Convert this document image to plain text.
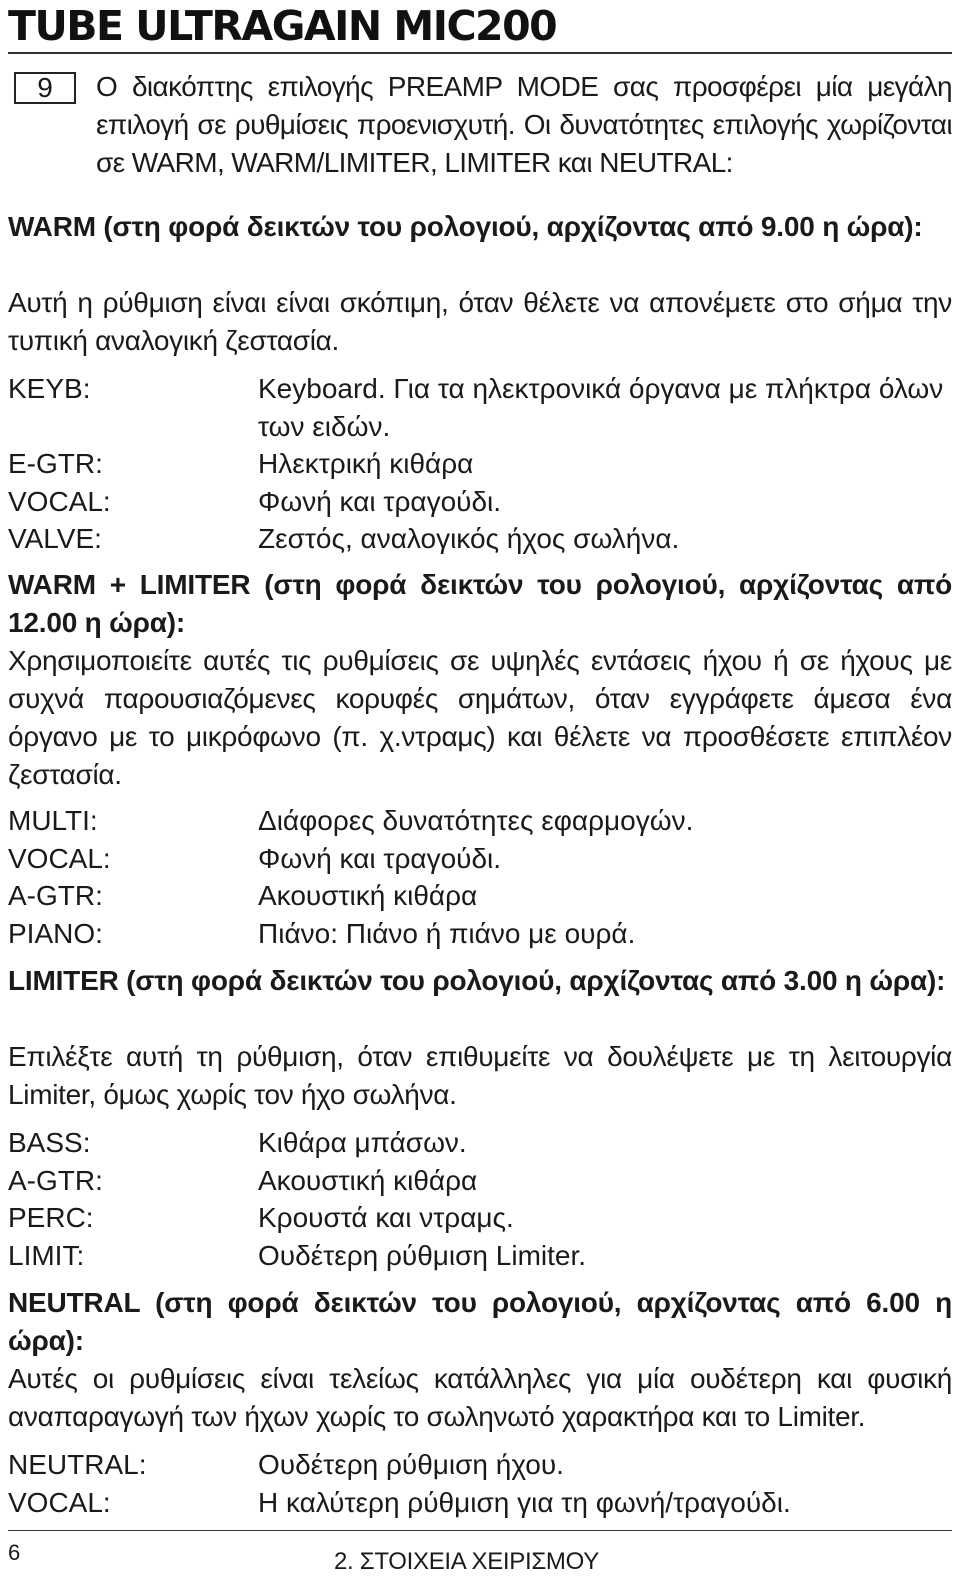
TUBE ULTRAGAIN MIC200
9	Ο διακόπτης επιλογής PREAMP MODE σας προσφέρει μία μεγάλη επιλογή σε ρυθμίσεις προενισχυτή. Οι δυνατότητες επιλογής χωρίζονται σε WARM, WARM/LIMITER, LIMITER και NEUTRAL:
WARM (στη φορά δεικτών του ρολογιού, αρχίζοντας από 9.00 η ώρα):
Αυτή η ρύθμιση είναι είναι σκόπιμη, όταν θέλετε να απονέμετε στο σήμα την τυπική αναλογική ζεστασία.
KEYB:	Keyboard. Για τα ηλεκτρονικά όργανα με πλήκτρα όλων των ειδών.
E-GTR:	Ηλεκτρική κιθάρα
VOCAL:	Φωνή και τραγούδι.
VALVE:	Ζεστός, αναλογικός ήχος σωλήνα.
WARM + LIMITER (στη φορά δεικτών του ρολογιού, αρχίζοντας από 12.00 η ώρα):
Χρησιμοποιείτε αυτές τις ρυθμίσεις σε υψηλές εντάσεις ήχου ή σε ήχους με συχνά παρουσιαζόμενες κορυφές σημάτων, όταν εγγράφετε άμεσα ένα όργανο με το μικρόφωνο (π. χ.ντραμς) και θέλετε να προσθέσετε επιπλέον ζεστασία.
MULTI:	Διάφορες δυνατότητες εφαρμογών.
VOCAL:	Φωνή και τραγούδι.
A-GTR:	Ακουστική κιθάρα
PIANO:	Πιάνο: Πιάνο ή πιάνο με ουρά.
LIMITER (στη φορά δεικτών του ρολογιού, αρχίζοντας από 3.00 η ώρα):
Επιλέξτε αυτή τη ρύθμιση, όταν επιθυμείτε να δουλέψετε με τη λειτουργία Limiter, όμως χωρίς τον ήχο σωλήνα.
BASS:	Κιθάρα μπάσων.
A-GTR:	Ακουστική κιθάρα
PERC:	Κρουστά και ντραμς.
LIMIT:	Ουδέτερη ρύθμιση Limiter.
NEUTRAL (στη φορά δεικτών του ρολογιού, αρχίζοντας από 6.00 η ώρα):
Αυτές οι ρυθμίσεις είναι τελείως κατάλληλες για μία ουδέτερη και φυσική αναπαραγωγή των ήχων χωρίς το σωληνωτό χαρακτήρα και το Limiter.
NEUTRAL:	Ουδέτερη ρύθμιση ήχου.
VOCAL:	Η καλύτερη ρύθμιση για τη φωνή/τραγούδι.
6	2. ΣΤΟΙΧΕΙΑ ΧΕΙΡΙΣΜΟΥ
